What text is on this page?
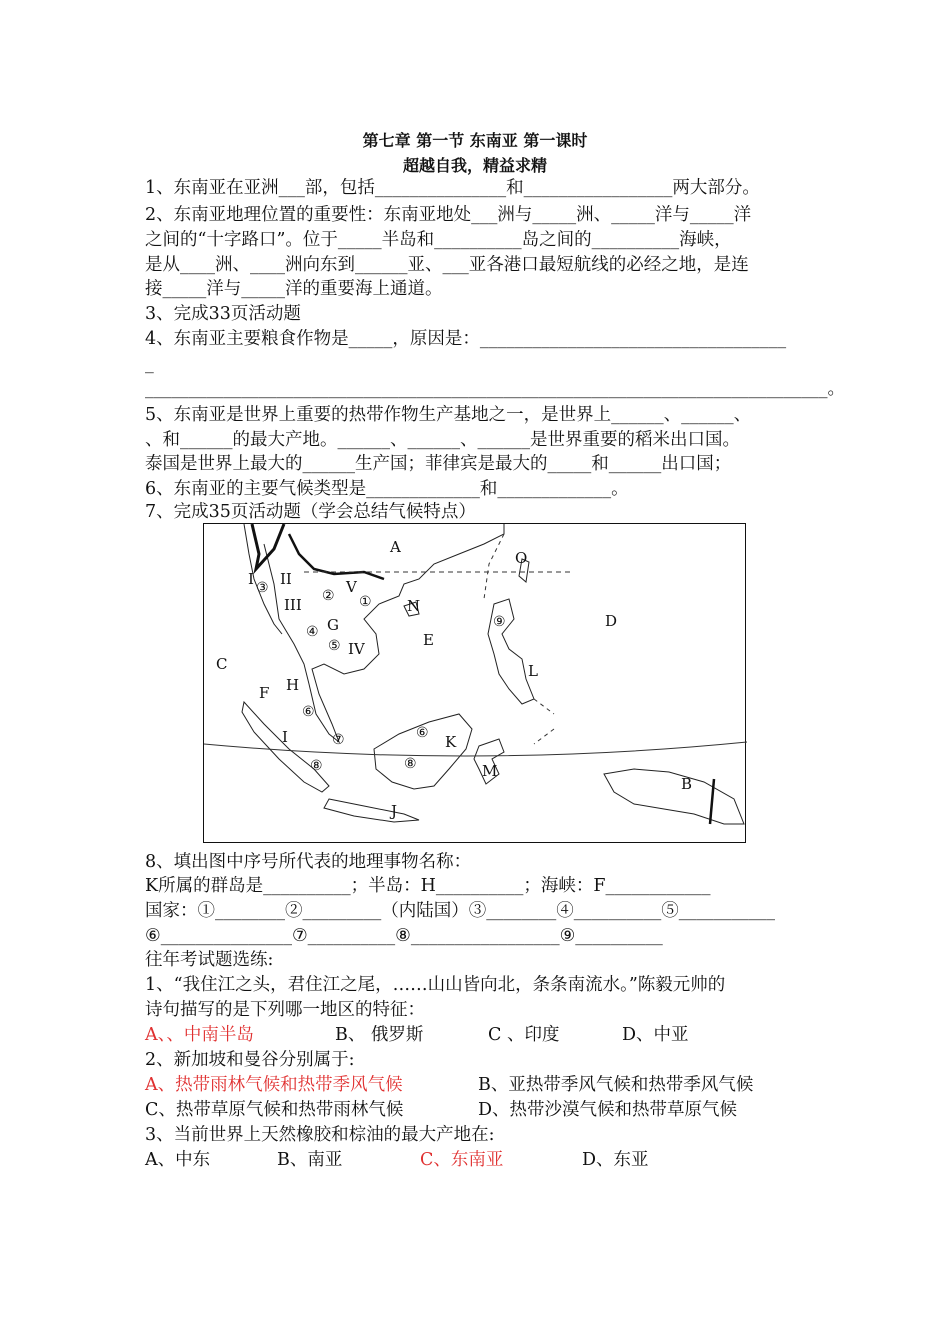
第七章 第一节 东南亚 第一课时
超越自我，精益求精
1、东南亚在亚洲___部，包括_______________和_________________两大部分。
2、东南亚地理位置的重要性：东南亚地处___洲与_____洲、_____洋与_____洋
之间的“十字路口”。位于_____半岛和__________岛之间的__________海峡，
是从____洲、____洲向东到______亚、___亚各港口最短航线的必经之地，是连
接_____洋与_____洋的重要海上通道。
3、完成33页活动题
4、东南亚主要粮食作物是_____，原因是：___________________________________
_
______________________________________________________________________________。
5、东南亚是世界上重要的热带作物生产基地之一，是世界上______、______、
、和______的最大产地。______、______、______是世界重要的稻米出口国。
泰国是世界上最大的______生产国；菲律宾是最大的_____和______出口国；
6、东南亚的主要气候类型是_____________和_____________。
7、完成35页活动题（学会总结气候特点）
A
B
C
D
E
F
G
H
I
J
K
L
M
N
O
I II
III
IV
V
①
②
③
④
⑤
⑥
⑦
⑧	⑧
⑥
⑨
8、填出图中序号所代表的地理事物名称：
K所属的群岛是__________；半岛：H__________；海峡：F____________
国家：①________②_________（内陆国）③________④__________⑤___________
⑥_______________⑦__________⑧_________________⑨__________
往年考试题选练:
1、“我住江之头，君住江之尾，……山山皆向北，条条南流水。”陈毅元帅的
诗句描写的是下列哪一地区的特征：
A、、中南半岛	B、 俄罗斯	C 、印度	D、中亚
2、新加坡和曼谷分别属于:
A、热带雨林气候和热带季风气候	B、亚热带季风气候和热带季风气候
C、热带草原气候和热带雨林气候	D、热带沙漠气候和热带草原气候
3、当前世界上天然橡胶和棕油的最大产地在:
A、中东	B、南亚	C、东南亚	D、东亚
